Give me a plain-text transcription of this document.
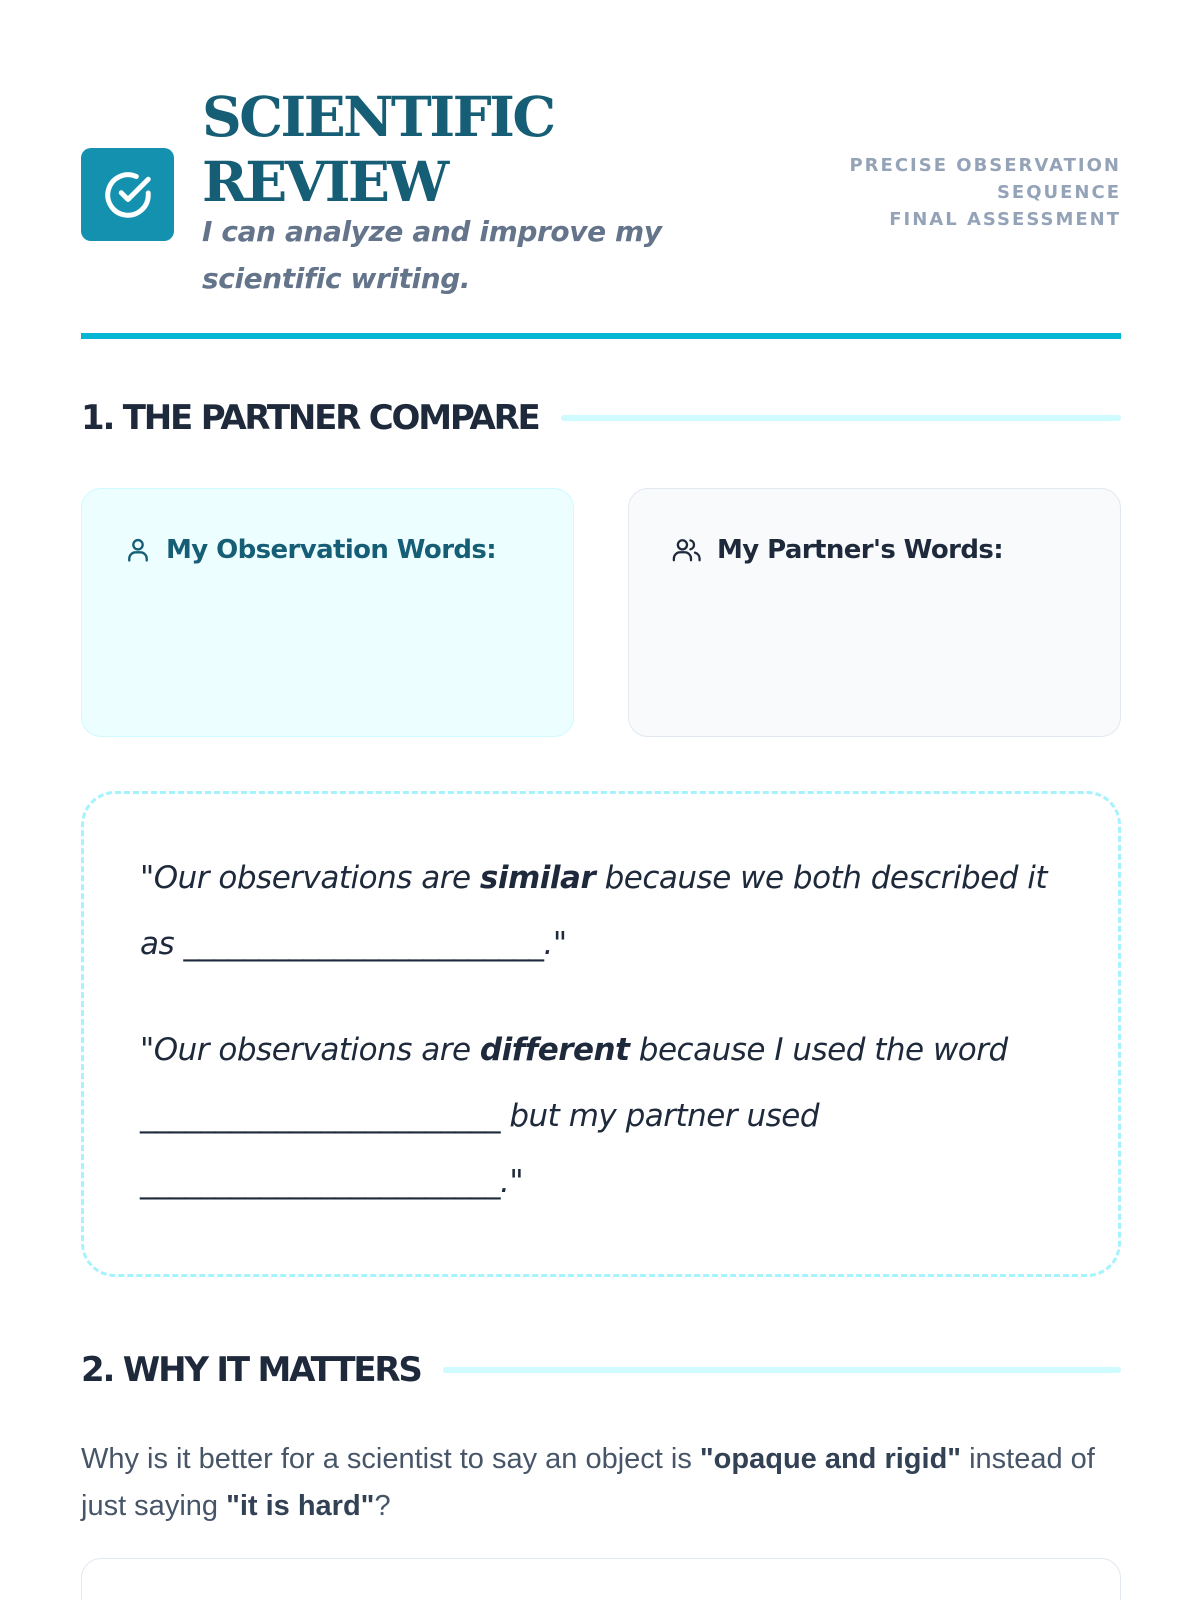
SCIENTIFIC
REVIEW
I can analyze and improve my scientific writing.
PRECISE OBSERVATION
SEQUENCE
FINAL ASSESSMENT
1. THE PARTNER COMPARE
My Observation Words:	My Partner's Words:

"Our observations are similar because we both described it as ________________________."

"Our observations are different because I used the word ________________________ but my partner used ________________________."

2. WHY IT MATTERS

Why is it better for a scientist to say an object is "opaque and rigid" instead of just saying "it is hard"?
